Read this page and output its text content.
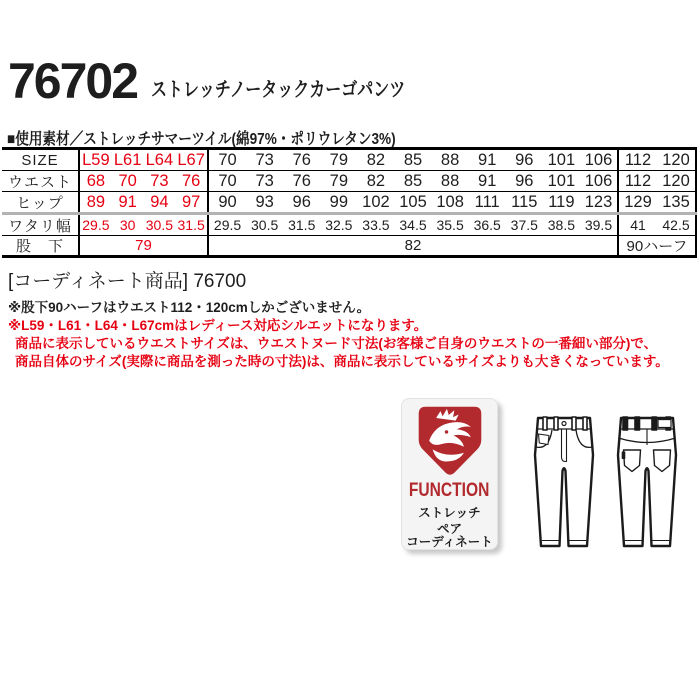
76702 ストレッチノータックカーゴパンツ
■使用素材／ストレッチサマーツイル(綿97%・ポリウレタン3%)
SIZE	L59 L61 L64 L67 70	73	76	79	82	85	88	91	96 101 106 112 120
ウエスト 68 70 73 76	70	73	76	79	82	85	88	91	96 101 106 112 120
ヒップ	89 91 94 97	90	93	96	99 102 105 108 111 115 119 123 129 135
ワタリ幅 29.5 30 30.5 31.5 29.5 30.5 31.5 32.5 33.5 34.5 35.5 36.5 37.5 38.5 39.5	41	42.5
股　下	79	82	90ハーフ
[コーディネート商品] 76700
※股下90ハーフはウエスト112・120cmしかございません。
※L59・L61・L64・L67cmはレディース対応シルエットになります。
商品に表示しているウエストサイズは、ウエストヌード寸法(お客様ご自身のウエストの一番細い部分)で、
商品自体のサイズ(実際に商品を測った時の寸法)は、商品に表示しているサイズよりも大きくなっています。
FUNCTION
ストレッチ
ペア
コーディネート
